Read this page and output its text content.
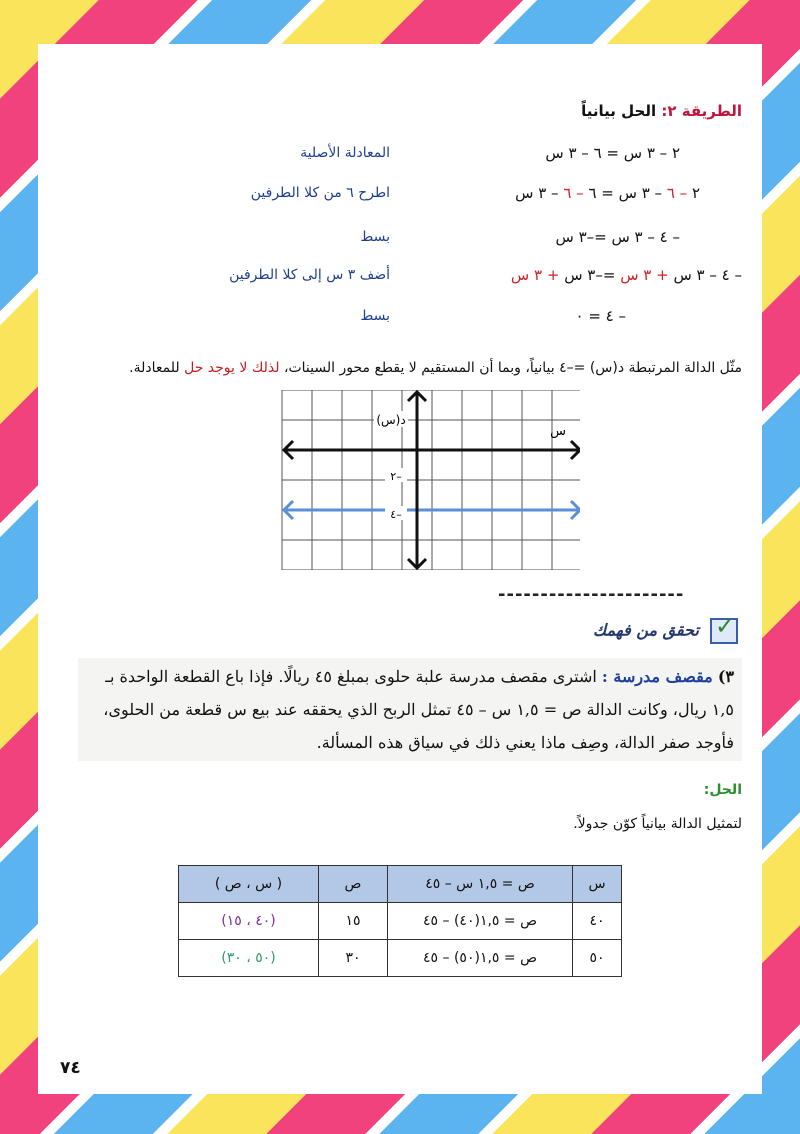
الطريقة ٢: الحل بيانياً
٢ – ٣ س = ٦ – ٣ س
المعادلة الأصلية
٢ – ٦ – ٣ س = ٦ – ٦ – ٣ س
اطرح ٦ من كلا الطرفين
– ٤ – ٣ س =–٣ س
بسط
– ٤ – ٣ س + ٣ س =–٣ س + ٣ س
أضف ٣ س إلى كلا الطرفين
– ٤ = ٠
بسط
مثّل الدالة المرتبطة د(س) =–٤ بيانياً، وبما أن المستقيم لا يقطع محور السينات، لذلك لا يوجد حل للمعادلة.
د(س)
س
٢–
٤–
----------------------
✓
تحقق من فهمك
٣) مقصف مدرسة : اشترى مقصف مدرسة علبة حلوى بمبلغ ٤٥ ريالًا. فإذا باع القطعة الواحدة بـ ١,٥ ريال، وكانت الدالة ص = ١,٥ س – ٤٥ تمثل الربح الذي يحققه عند بيع س قطعة من الحلوى، فأوجد صفر الدالة، وصِف ماذا يعني ذلك في سياق هذه المسألة.
الحل:
لتمثيل الدالة بيانياً كوّن جدولاً.
س	ص = ١,٥ س – ٤٥	ص	( س ، ص )
٤٠	ص = ١,٥(٤٠) – ٤٥	١٥	(٤٠ ، ١٥)
٥٠	ص = ١,٥(٥٠) – ٤٥	٣٠	(٥٠ ، ٣٠)
٧٤
